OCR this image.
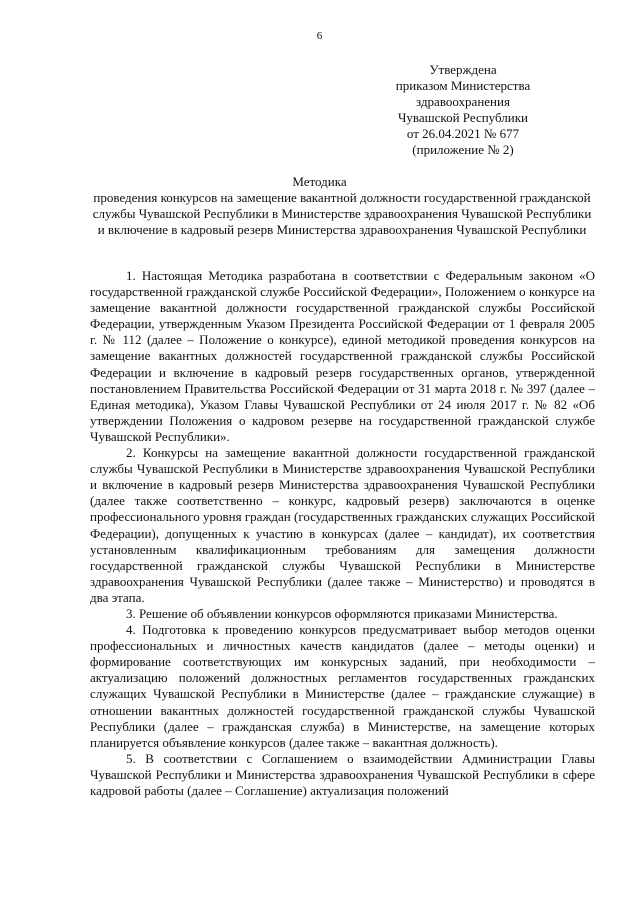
6
Утверждена
приказом Министерства
здравоохранения
Чувашской Республики
от 26.04.2021 № 677
(приложение № 2)
Методика
проведения конкурсов на замещение вакантной должности государственной гражданской службы Чувашской Республики в Министерстве здравоохранения Чувашской Республики и включение в кадровый резерв Министерства здравоохранения Чувашской Республики

1. Настоящая Методика разработана в соответствии с Федеральным законом «О государственной гражданской службе Российской Федерации», Положением о конкурсе на замещение вакантной должности государственной гражданской службы Российской Федерации, утвержденным Указом Президента Российской Федерации от 1 февраля 2005 г. № 112 (далее – Положение о конкурсе), единой методикой проведения конкурсов на замещение вакантных должностей государственной гражданской службы Российской Федерации и включение в кадровый резерв государственных органов, утвержденной постановлением Правительства Российской Федерации от 31 марта 2018 г. № 397 (далее – Единая методика), Указом Главы Чувашской Республики от 24 июля 2017 г. № 82 «Об утверждении Положения о кадровом резерве на государственной гражданской службе Чувашской Республики».

2. Конкурсы на замещение вакантной должности государственной гражданской службы Чувашской Республики в Министерстве здравоохранения Чувашской Республики и включение в кадровый резерв Министерства здравоохранения Чувашской Республики (далее также соответственно – конкурс, кадровый резерв) заключаются в оценке профессионального уровня граждан (государственных гражданских служащих Российской Федерации), допущенных к участию в конкурсах (далее – кандидат), их соответствия установленным квалификационным требованиям для замещения должности государственной гражданской службы Чувашской Республики в Министерстве здравоохранения Чувашской Республики (далее также – Министерство) и проводятся в два этапа.

3. Решение об объявлении конкурсов оформляются приказами Министерства.

4. Подготовка к проведению конкурсов предусматривает выбор методов оценки профессиональных и личностных качеств кандидатов (далее – методы оценки) и формирование соответствующих им конкурсных заданий, при необходимости – актуализацию положений должностных регламентов государственных гражданских служащих Чувашской Республики в Министерстве (далее – гражданские служащие) в отношении вакантных должностей государственной гражданской службы Чувашской Республики (далее – гражданская служба) в Министерстве, на замещение которых планируется объявление конкурсов (далее также – вакантная должность).

5. В соответствии с Соглашением о взаимодействии Администрации Главы Чувашской Республики и Министерства здравоохранения Чувашской Республики в сфере кадровой работы (далее – Соглашение) актуализация положений
